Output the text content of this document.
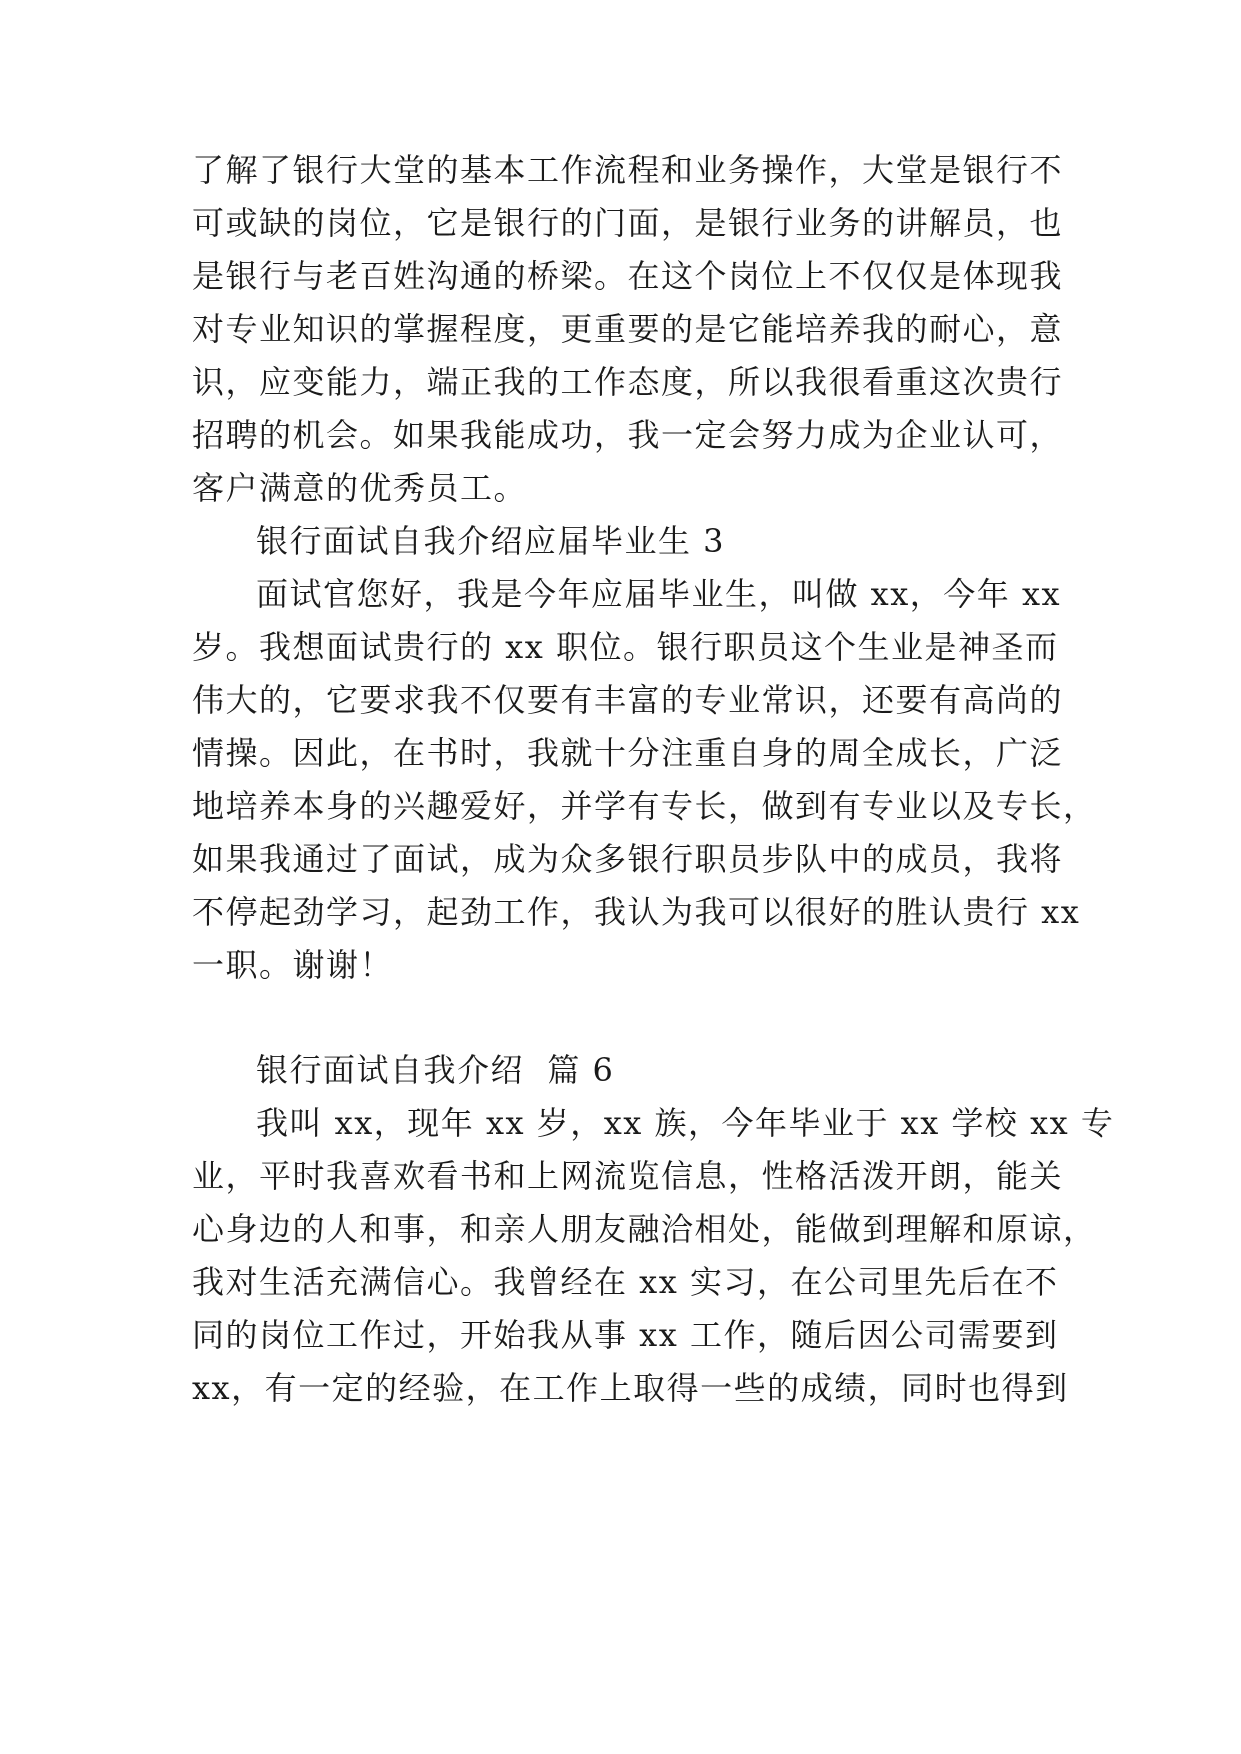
了解了银行大堂的基本工作流程和业务操作，大堂是银行不
可或缺的岗位，它是银行的门面，是银行业务的讲解员，也
是银行与老百姓沟通的桥梁。在这个岗位上不仅仅是体现我
对专业知识的掌握程度，更重要的是它能培养我的耐心，意
识，应变能力，端正我的工作态度，所以我很看重这次贵行
招聘的机会。如果我能成功，我一定会努力成为企业认可，
客户满意的优秀员工。
银行面试自我介绍应届毕业生 3
面试官您好，我是今年应届毕业生，叫做 xx，今年 xx
岁。我想面试贵行的 xx 职位。银行职员这个生业是神圣而
伟大的，它要求我不仅要有丰富的专业常识，还要有高尚的
情操。因此，在书时，我就十分注重自身的周全成长，广泛
地培养本身的兴趣爱好，并学有专长，做到有专业以及专长，
如果我通过了面试，成为众多银行职员步队中的成员，我将
不停起劲学习，起劲工作，我认为我可以很好的胜认贵行 xx
一职。谢谢！
银行面试自我介绍  篇 6
我叫 xx，现年 xx 岁，xx 族，今年毕业于 xx 学校 xx 专
业，平时我喜欢看书和上网流览信息，性格活泼开朗，能关
心身边的人和事，和亲人朋友融洽相处，能做到理解和原谅，
我对生活充满信心。我曾经在 xx 实习，在公司里先后在不
同的岗位工作过，开始我从事 xx 工作，随后因公司需要到
xx，有一定的经验，在工作上取得一些的成绩，同时也得到
